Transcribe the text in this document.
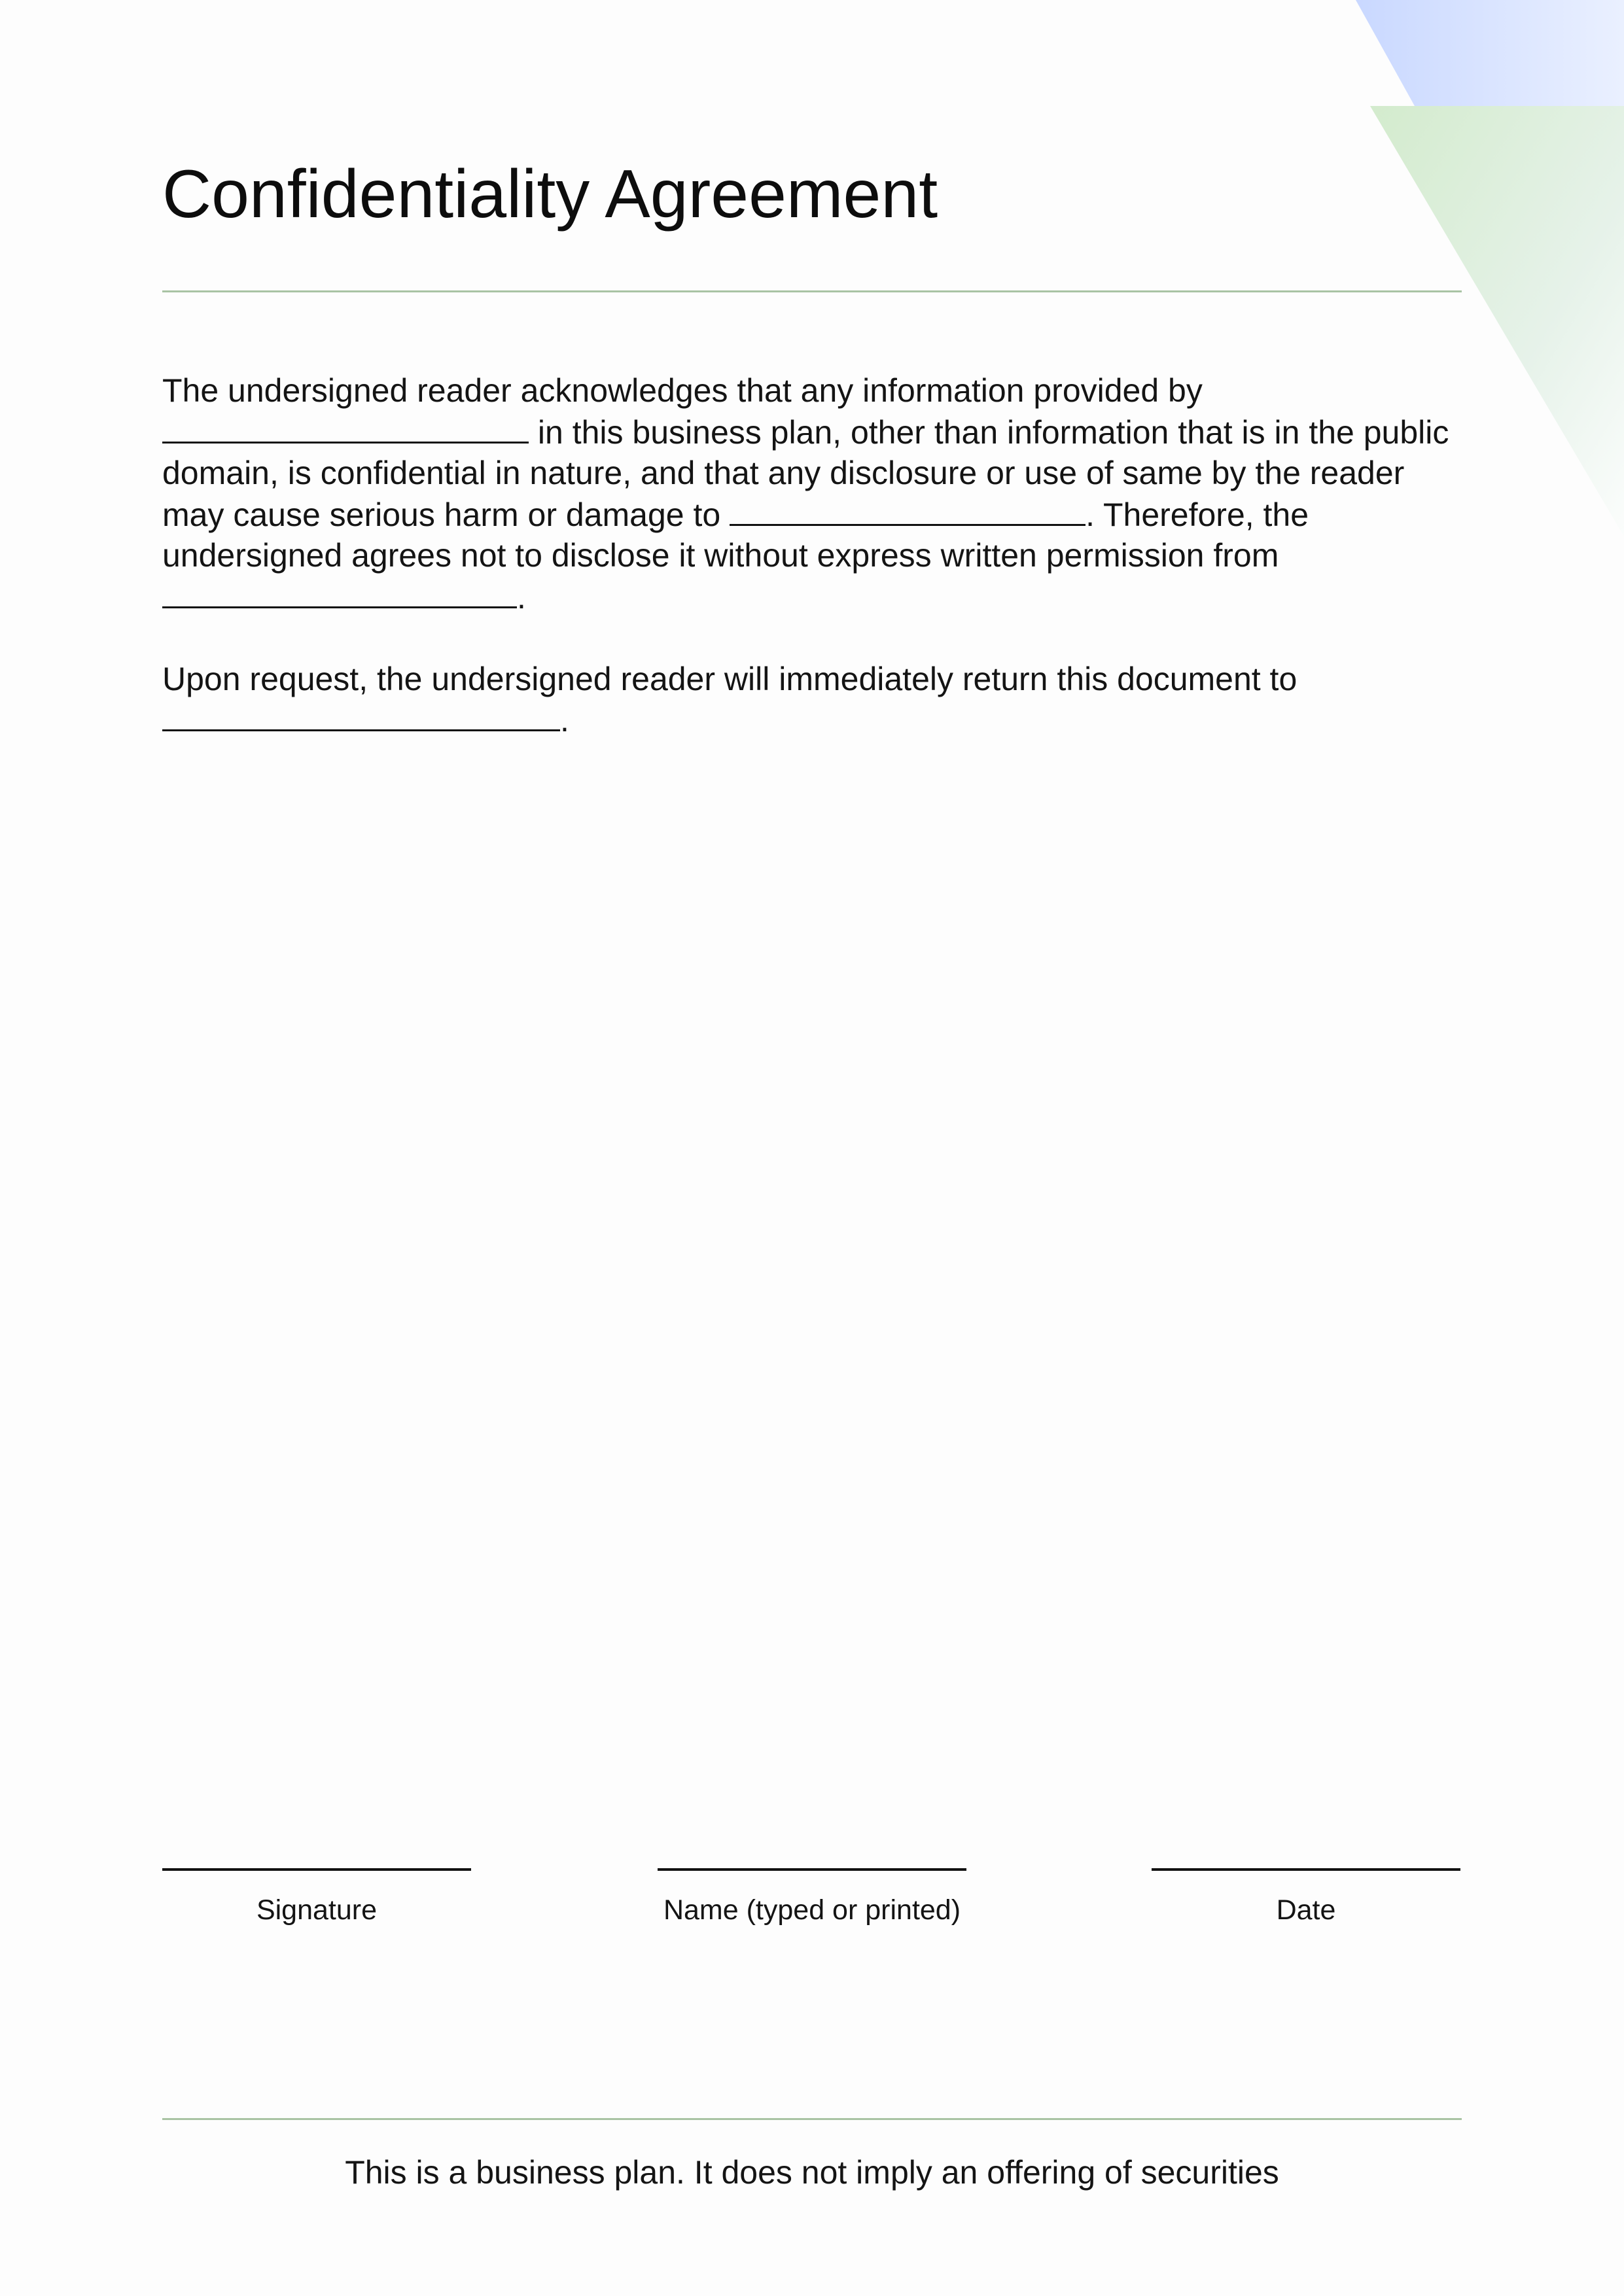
Confidentiality Agreement

The undersigned reader acknowledges that any information provided by  in this business plan, other than information that is in the public domain, is confidential in nature, and that any disclosure or use of same by the reader may cause serious harm or damage to	. Therefore, the undersigned agrees not to disclose it without express written permission from .

Upon request, the undersigned reader will immediately return this document to .

Signature	Name (typed or printed)	Date
This is a business plan. It does not imply an offering of securities
